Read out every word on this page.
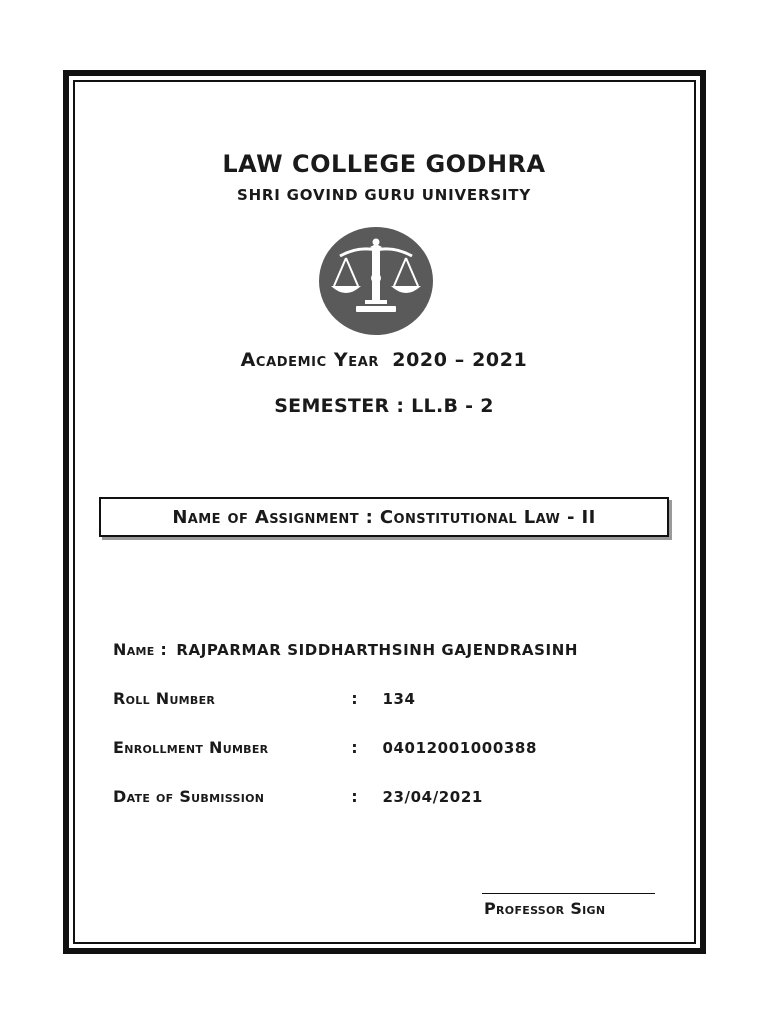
LAW COLLEGE GODHRA
SHRI GOVIND GURU UNIVERSITY
Academic Year 2020 – 2021
SEMESTER : LL.B - 2
Name of Assignment : Constitutional Law - II
Name : RAJPARMAR SIDDHARTHSINH GAJENDRASINH
Roll Number	: 134
Enrollment Number	: 04012001000388
Date of Submission	: 23/04/2021
Professor Sign
